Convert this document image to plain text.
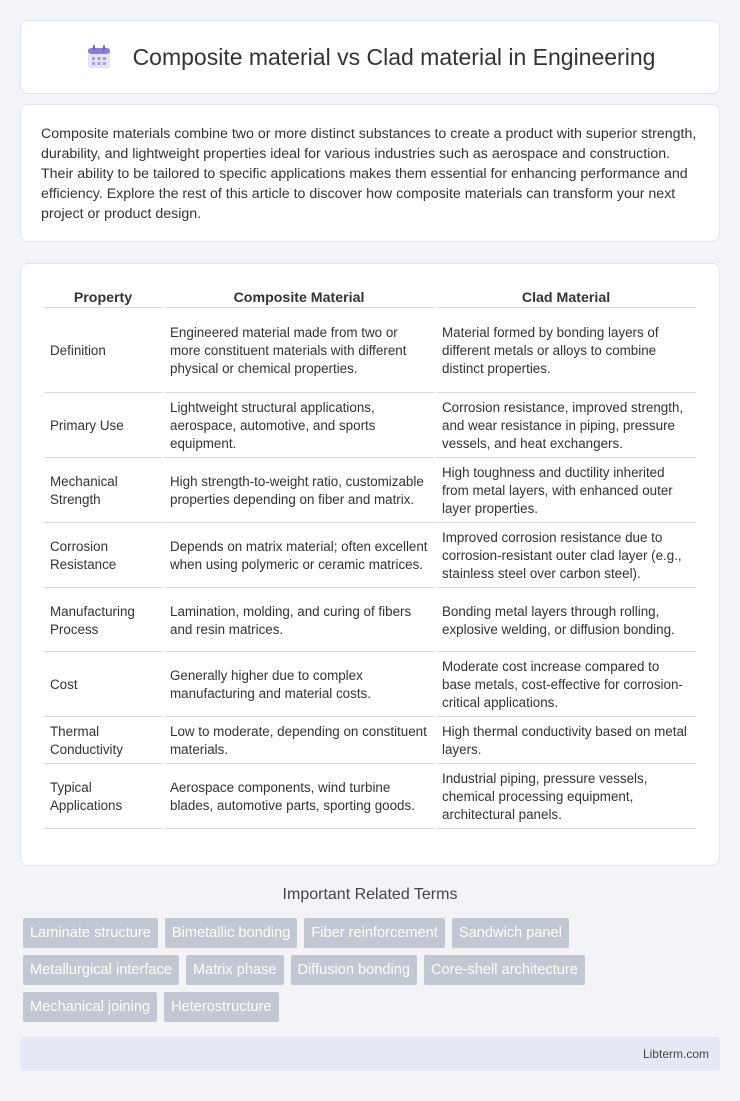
Composite material vs Clad material in Engineering

Composite materials combine two or more distinct substances to create a product with superior strength, durability, and lightweight properties ideal for various industries such as aerospace and construction. Their ability to be tailored to specific applications makes them essential for enhancing performance and efficiency. Explore the rest of this article to discover how composite materials can transform your next project or product design.

Property	Composite Material	Clad Material
Definition	Engineered material made from two or more constituent materials with different physical or chemical properties.	Material formed by bonding layers of different metals or alloys to combine distinct properties.
Primary Use	Lightweight structural applications, aerospace, automotive, and sports equipment.	Corrosion resistance, improved strength, and wear resistance in piping, pressure vessels, and heat exchangers.
Mechanical Strength	High strength-to-weight ratio, customizable properties depending on fiber and matrix.	High toughness and ductility inherited from metal layers, with enhanced outer layer properties.
Corrosion Resistance	Depends on matrix material; often excellent when using polymeric or ceramic matrices.	Improved corrosion resistance due to corrosion-resistant outer clad layer (e.g., stainless steel over carbon steel).
Manufacturing Process	Lamination, molding, and curing of fibers and resin matrices.	Bonding metal layers through rolling, explosive welding, or diffusion bonding.
Cost	Generally higher due to complex manufacturing and material costs.	Moderate cost increase compared to base metals, cost-effective for corrosion-critical applications.
Thermal Conductivity	Low to moderate, depending on constituent materials.	High thermal conductivity based on metal layers.
Typical Applications	Aerospace components, wind turbine blades, automotive parts, sporting goods.	Industrial piping, pressure vessels, chemical processing equipment, architectural panels.
Important Related Terms
Laminate structure	Bimetallic bonding	Fiber reinforcement	Sandwich panel
Metallurgical interface	Matrix phase	Diffusion bonding	Core-shell architecture
Mechanical joining	Heterostructure
Libterm.com
